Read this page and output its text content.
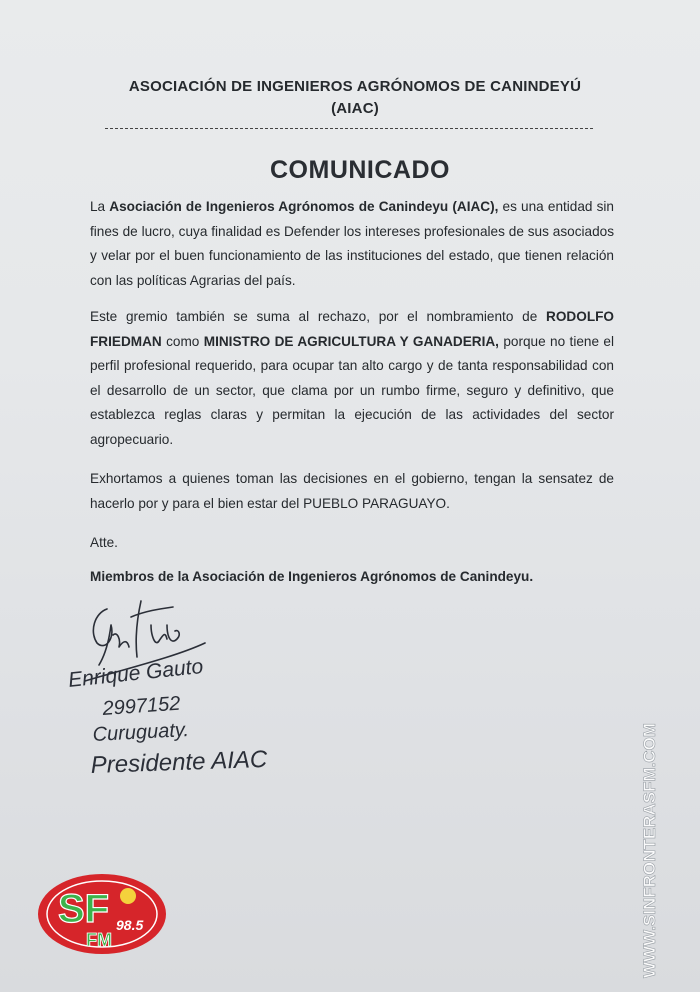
ASOCIACIÓN DE INGENIEROS AGRÓNOMOS DE CANINDEYÚ
(AIAC)
COMUNICADO
La Asociación de Ingenieros Agrónomos de Canindeyu (AIAC), es una entidad sin fines de lucro, cuya finalidad es Defender los intereses profesionales de sus asociados y velar por el buen funcionamiento de las instituciones del estado, que tienen relación con las políticas Agrarias del país.
Este gremio también se suma al rechazo, por el nombramiento de RODOLFO FRIEDMAN como MINISTRO DE AGRICULTURA Y GANADERIA, porque no tiene el perfil profesional requerido, para ocupar tan alto cargo y de tanta responsabilidad con el desarrollo de un sector, que clama por un rumbo firme, seguro y definitivo, que establezca reglas claras y permitan la ejecución de las actividades del sector agropecuario.
Exhortamos a quienes toman las decisiones en el gobierno, tengan la sensatez de hacerlo por y para el bien estar del PUEBLO PARAGUAYO.
Atte.
Miembros de la Asociación de Ingenieros Agrónomos de Canindeyu.
Enrique Gauto
2997152
Curuguaty.
Presidente AIAC
SF
FM
98.5	WWW.SINFRONTERASFM.COM
